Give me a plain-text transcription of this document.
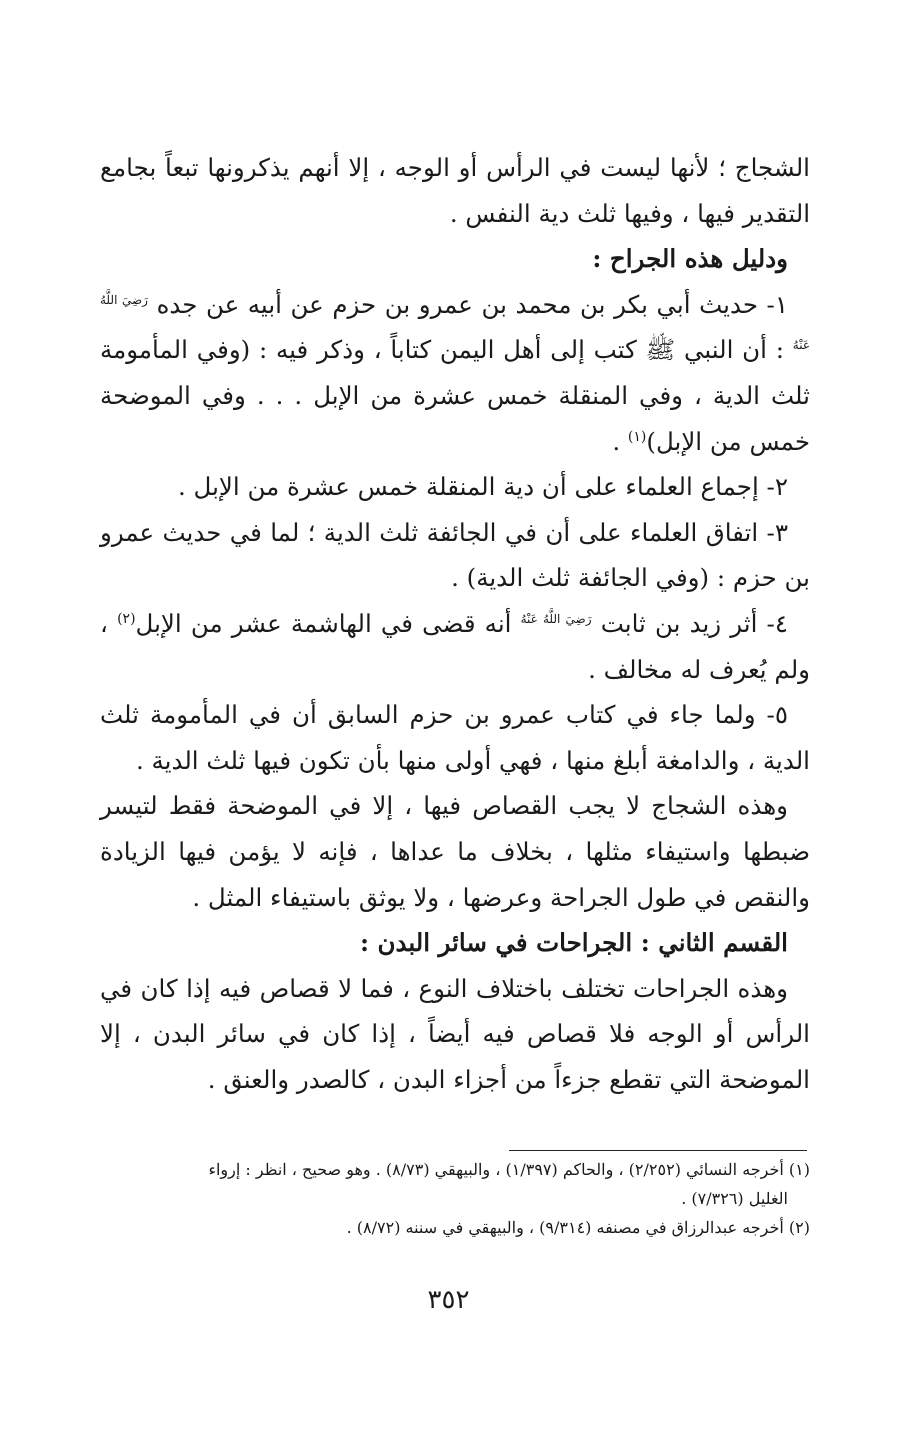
الشجاج ؛ لأنها ليست في الرأس أو الوجه ، إلا أنهم يذكرونها تبعاً بجامع التقدير فيها ، وفيها ثلث دية النفس .

ودليل هذه الجراح :

١- حديث أبي بكر بن محمد بن عمرو بن حزم عن أبيه عن جده $^{رَضِيَ اللَّهُ عَنْهُ}$ : أن النبي ﷺ كتب إلى أهل اليمن كتاباً ، وذكر فيه : (وفي المأمومة ثلث الدية ، وفي المنقلة خمس عشرة من الإبل . . . وفي الموضحة خمس من الإبل)$^{(١)}$ .

٢- إجماع العلماء على أن دية المنقلة خمس عشرة من الإبل .

٣- اتفاق العلماء على أن في الجائفة ثلث الدية ؛ لما في حديث عمرو بن حزم : (وفي الجائفة ثلث الدية) .

٤- أثر زيد بن ثابت $^{رَضِيَ اللَّهُ عَنْهُ}$ أنه قضى في الهاشمة عشر من الإبل$^{(٢)}$ ، ولم يُعرف له مخالف .

٥- ولما جاء في كتاب عمرو بن حزم السابق أن في المأمومة ثلث الدية ، والدامغة أبلغ منها ، فهي أولى منها بأن تكون فيها ثلث الدية .

وهذه الشجاج لا يجب القصاص فيها ، إلا في الموضحة فقط لتيسر ضبطها واستيفاء مثلها ، بخلاف ما عداها ، فإنه لا يؤمن فيها الزيادة والنقص في طول الجراحة وعرضها ، ولا يوثق باستيفاء المثل .

القسم الثاني : الجراحات في سائر البدن :

وهذه الجراحات تختلف باختلاف النوع ، فما لا قصاص فيه إذا كان في الرأس أو الوجه فلا قصاص فيه أيضاً ، إذا كان في سائر البدن ، إلا الموضحة التي تقطع جزءاً من أجزاء البدن ، كالصدر والعنق .

(١) أخرجه النسائي (٢/٢٥٢) ، والحاكم (١/٣٩٧) ، والبيهقي (٨/٧٣) . وهو صحيح ، انظر : إرواء

الغليل (٧/٣٢٦) .

(٢) أخرجه عبدالرزاق في مصنفه (٩/٣١٤) ، والبيهقي في سننه (٨/٧٢) .

٣٥٢
